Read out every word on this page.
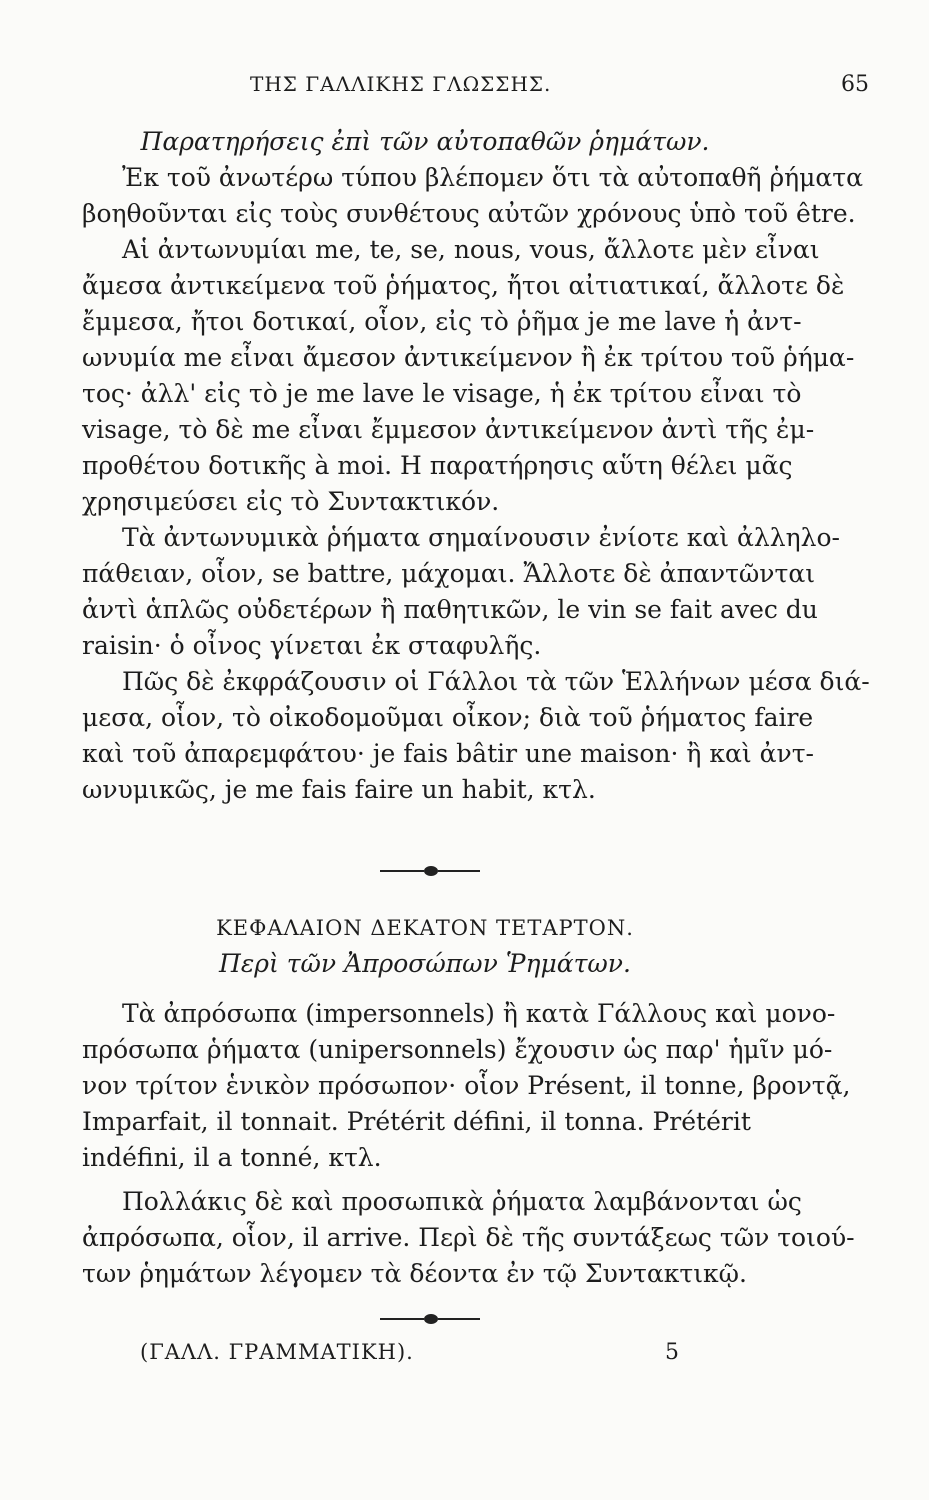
ΤΗΣ ΓΑΛΛΙΚΗΣ ΓΛΩΣΣΗΣ.	65
Παρατηρήσεις ἐπὶ τῶν αὐτοπαθῶν ῥημάτων.
Ἐκ τοῦ ἀνωτέρω τύπου βλέπομεν ὅτι τὰ αὐτοπαθῆ ῥήματα
βοηθοῦνται εἰς τοὺς συνθέτους αὐτῶν χρόνους ὑπὸ τοῦ être.
Αἱ ἀντωνυμίαι me, te, se, nous, vous, ἄλλοτε μὲν εἶναι
ἄμεσα ἀντικείμενα τοῦ ῥήματος, ἤτοι αἰτιατικαί, ἄλλοτε δὲ
ἔμμεσα, ἤτοι δοτικαί, οἷον, εἰς τὸ ῥῆμα je me lave ἡ ἀντ-
ωνυμία me εἶναι ἄμεσον ἀντικείμενον ἢ ἐκ τρίτου τοῦ ῥήμα-
τος· ἀλλ' εἰς τὸ je me lave le visage, ἡ ἐκ τρίτου εἶναι τὸ
visage, τὸ δὲ me εἶναι ἔμμεσον ἀντικείμενον ἀντὶ τῆς ἐμ-
προθέτου δοτικῆς à moi. Η παρατήρησις αὕτη θέλει μᾶς
χρησιμεύσει εἰς τὸ Συντακτικόν.
Τὰ ἀντωνυμικὰ ῥήματα σημαίνουσιν ἐνίοτε καὶ ἀλληλο-
πάθειαν, οἷον, se battre, μάχομαι. Ἄλλοτε δὲ ἀπαντῶνται
ἀντὶ ἁπλῶς οὐδετέρων ἢ παθητικῶν, le vin se fait avec du
raisin· ὁ οἶνος γίνεται ἐκ σταφυλῆς.
Πῶς δὲ ἐκφράζουσιν οἱ Γάλλοι τὰ τῶν Ἑλλήνων μέσα διά-
μεσα, οἷον, τὸ οἰκοδομοῦμαι οἶκον; διὰ τοῦ ῥήματος faire
καὶ τοῦ ἀπαρεμφάτου· je fais bâtir une maison· ἢ καὶ ἀντ-
ωνυμικῶς, je me fais faire un habit, κτλ.
ΚΕΦΑΛΑΙΟΝ ΔΕΚΑΤΟΝ ΤΕΤΑΡΤΟΝ.
Περὶ τῶν Ἀπροσώπων Ῥημάτων.
Τὰ ἀπρόσωπα (impersonnels) ἢ κατὰ Γάλλους καὶ μονο-
πρόσωπα ῥήματα (unipersonnels) ἔχουσιν ὡς παρ' ἡμῖν μό-
νον τρίτον ἑνικὸν πρόσωπον· οἷον Présent, il tonne, βροντᾷ,
Imparfait, il tonnait. Prétérit défini, il tonna. Prétérit
indéfini, il a tonné, κτλ.
Πολλάκις δὲ καὶ προσωπικὰ ῥήματα λαμβάνονται ὡς
ἀπρόσωπα, οἷον, il arrive. Περὶ δὲ τῆς συντάξεως τῶν τοιού-
των ῥημάτων λέγομεν τὰ δέοντα ἐν τῷ Συντακτικῷ.
(ΓΑΛΛ. ΓΡΑΜΜΑΤΙΚΗ).	5
